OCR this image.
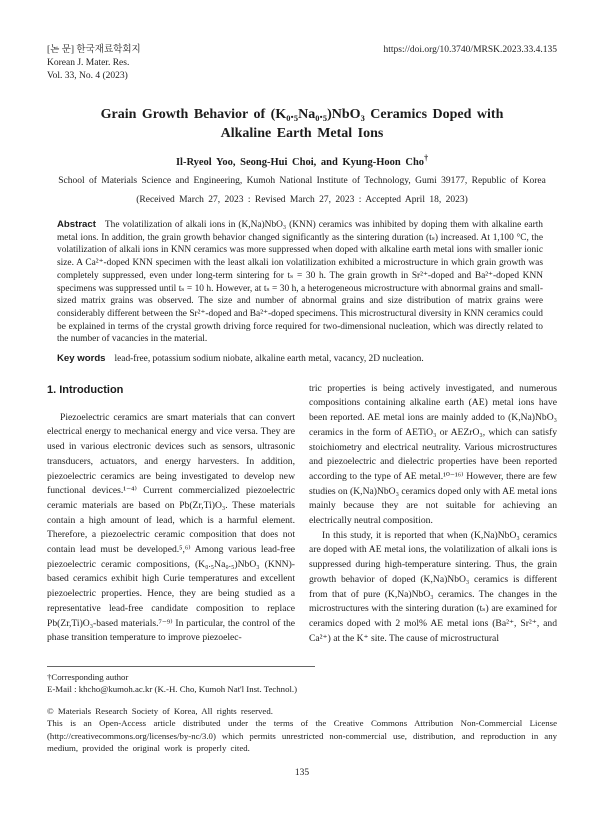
[논 문] 한국재료학회지
Korean J. Mater. Res.
Vol. 33, No. 4 (2023)
https://doi.org/10.3740/MRSK.2023.33.4.135
Grain Growth Behavior of (K₀.₅Na₀.₅)NbO₃ Ceramics Doped with Alkaline Earth Metal Ions
Il-Ryeol Yoo, Seong-Hui Choi, and Kyung-Hoon Cho†
School of Materials Science and Engineering, Kumoh National Institute of Technology, Gumi 39177, Republic of Korea
(Received March 27, 2023 : Revised March 27, 2023 : Accepted April 18, 2023)

Abstract The volatilization of alkali ions in (K,Na)NbO₃ (KNN) ceramics was inhibited by doping them with alkaline earth metal ions. In addition, the grain growth behavior changed significantly as the sintering duration (tₛ) increased. At 1,100 °C, the volatilization of alkali ions in KNN ceramics was more suppressed when doped with alkaline earth metal ions with smaller ionic size. A Ca²⁺-doped KNN specimen with the least alkali ion volatilization exhibited a microstructure in which grain growth was completely suppressed, even under long-term sintering for tₛ = 30 h. The grain growth in Sr²⁺-doped and Ba²⁺-doped KNN specimens was suppressed until tₛ = 10 h. However, at tₛ = 30 h, a heterogeneous microstructure with abnormal grains and small-sized matrix grains was observed. The size and number of abnormal grains and size distribution of matrix grains were considerably different between the Sr²⁺-doped and Ba²⁺-doped specimens. This microstructural diversity in KNN ceramics could be explained in terms of the crystal growth driving force required for two-dimensional nucleation, which was directly related to the number of vacancies in the material.

Key words lead-free, potassium sodium niobate, alkaline earth metal, vacancy, 2D nucleation.

1. Introduction

Piezoelectric ceramics are smart materials that can convert electrical energy to mechanical energy and vice versa. They are used in various electronic devices such as sensors, ultrasonic transducers, actuators, and energy harvesters. In addition, piezoelectric ceramics are being investigated to develop new functional devices.¹⁻⁴⁾ Current commercialized piezoelectric ceramic materials are based on Pb(Zr,Ti)O₃. These materials contain a high amount of lead, which is a harmful element. Therefore, a piezoelectric ceramic composition that does not contain lead must be developed.⁵,⁶⁾ Among various lead-free piezoelectric ceramic compositions, (K₀.₅Na₀.₅)NbO₃ (KNN)-based ceramics exhibit high Curie temperatures and excellent piezoelectric properties. Hence, they are being studied as a representative lead-free candidate composition to replace Pb(Zr,Ti)O₃-based materials.⁷⁻⁹⁾ In particular, the control of the phase transition temperature to improve piezoelec-

tric properties is being actively investigated, and numerous compositions containing alkaline earth (AE) metal ions have been reported. AE metal ions are mainly added to (K,Na)NbO₃ ceramics in the form of AETiO₃ or AEZrO₃, which can satisfy stoichiometry and electrical neutrality. Various microstructures and piezoelectric and dielectric properties have been reported according to the type of AE metal.¹⁰⁻¹⁶⁾ However, there are few studies on (K,Na)NbO₃ ceramics doped only with AE metal ions mainly because they are not suitable for achieving an electrically neutral composition.

In this study, it is reported that when (K,Na)NbO₃ ceramics are doped with AE metal ions, the volatilization of alkali ions is suppressed during high-temperature sintering. Thus, the grain growth behavior of doped (K,Na)NbO₃ ceramics is different from that of pure (K,Na)NbO₃ ceramics. The changes in the microstructures with the sintering duration (tₛ) are examined for ceramics doped with 2 mol% AE metal ions (Ba²⁺, Sr²⁺, and Ca²⁺) at the K⁺ site. The cause of microstructural

†Corresponding author
E-Mail : khcho@kumoh.ac.kr (K.-H. Cho, Kumoh Nat'l Inst. Technol.)
© Materials Research Society of Korea, All rights reserved.
This is an Open-Access article distributed under the terms of the Creative Commons Attribution Non-Commercial License (http://creativecommons.org/licenses/by-nc/3.0) which permits unrestricted non-commercial use, distribution, and reproduction in any medium, provided the original work is properly cited.
135
